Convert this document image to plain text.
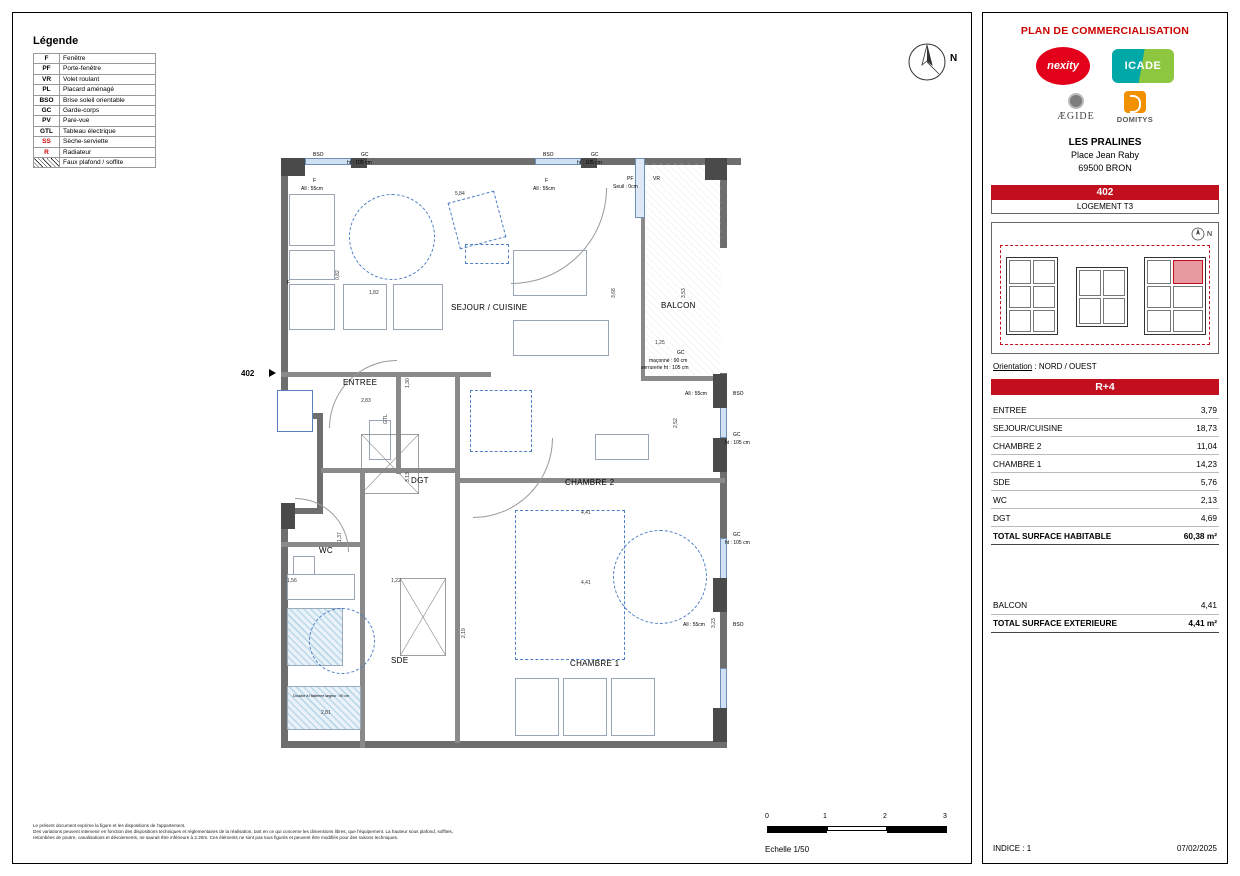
Légende
F	Fenêtre
PF	Porte-fenêtre
VR	Volet roulant
PL	Placard aménagé
BSO	Brise soleil orientable
GC	Garde-corps
PV	Pare-vue
GTL	Tableau électrique
SS	Sèche-serviette
R	Radiateur
	Faux plafond / soffite
N
402
SEJOUR / CUISINE	BALCON
ENTREE
DGT	CHAMBRE 2
CHAMBRE 1
WC
SDE
5,84
1,82
0,82
3,68	3,53
1,30
2,83
3,13
4,41
4,41
1,37
1,56	1,22
2,19
2,81
3,23
2,52
1,25
BSO	GC
ht : 105 cm
BSO	GC
ht : 105 cm
F
All : 55cm
F
All : 55cm
PF
Seuil : 0cm
VR
GC
maçonné : 90 cm
serrurerie ht : 105 cm
All : 55cm	BSO
GC
ht : 105 cm
GC
ht : 105 cm
All : 55cm	BSO
GTL
F
Douche à l'italienne largeur : 90 cm
0	1	2	3
Echelle 1/50
Le présent document exprime la figure et les dispositions de l'appartement.
Des variations peuvent intervenir en fonction des dispositions techniques et réglementaires de la réalisation, tant en ce qui concerne les dimensions libres, que l'équipement. La hauteur sous plafond, soffites,
retombées de poutre, canalisations et dévoiements, ne saurait être inférieure à 2.20m. Ces éléments ne sont pas tous figurés et peuvent être modifiés pour des raisons techniques.
PLAN DE COMMERCIALISATION
nexity	ICADE
ÆGIDE	DOMITYS
LES PRALINES
Place Jean Raby
69500 BRON
402
LOGEMENT T3
N
Orientation : NORD / OUEST
R+4
ENTREE	3,79
SEJOUR/CUISINE	18,73
CHAMBRE 2	11,04
CHAMBRE 1	14,23
SDE	5,76
WC	2,13
DGT	4,69
TOTAL SURFACE HABITABLE	60,38 m²

BALCON	4,41
TOTAL SURFACE EXTERIEURE	4,41 m²
INDICE : 1	07/02/2025
